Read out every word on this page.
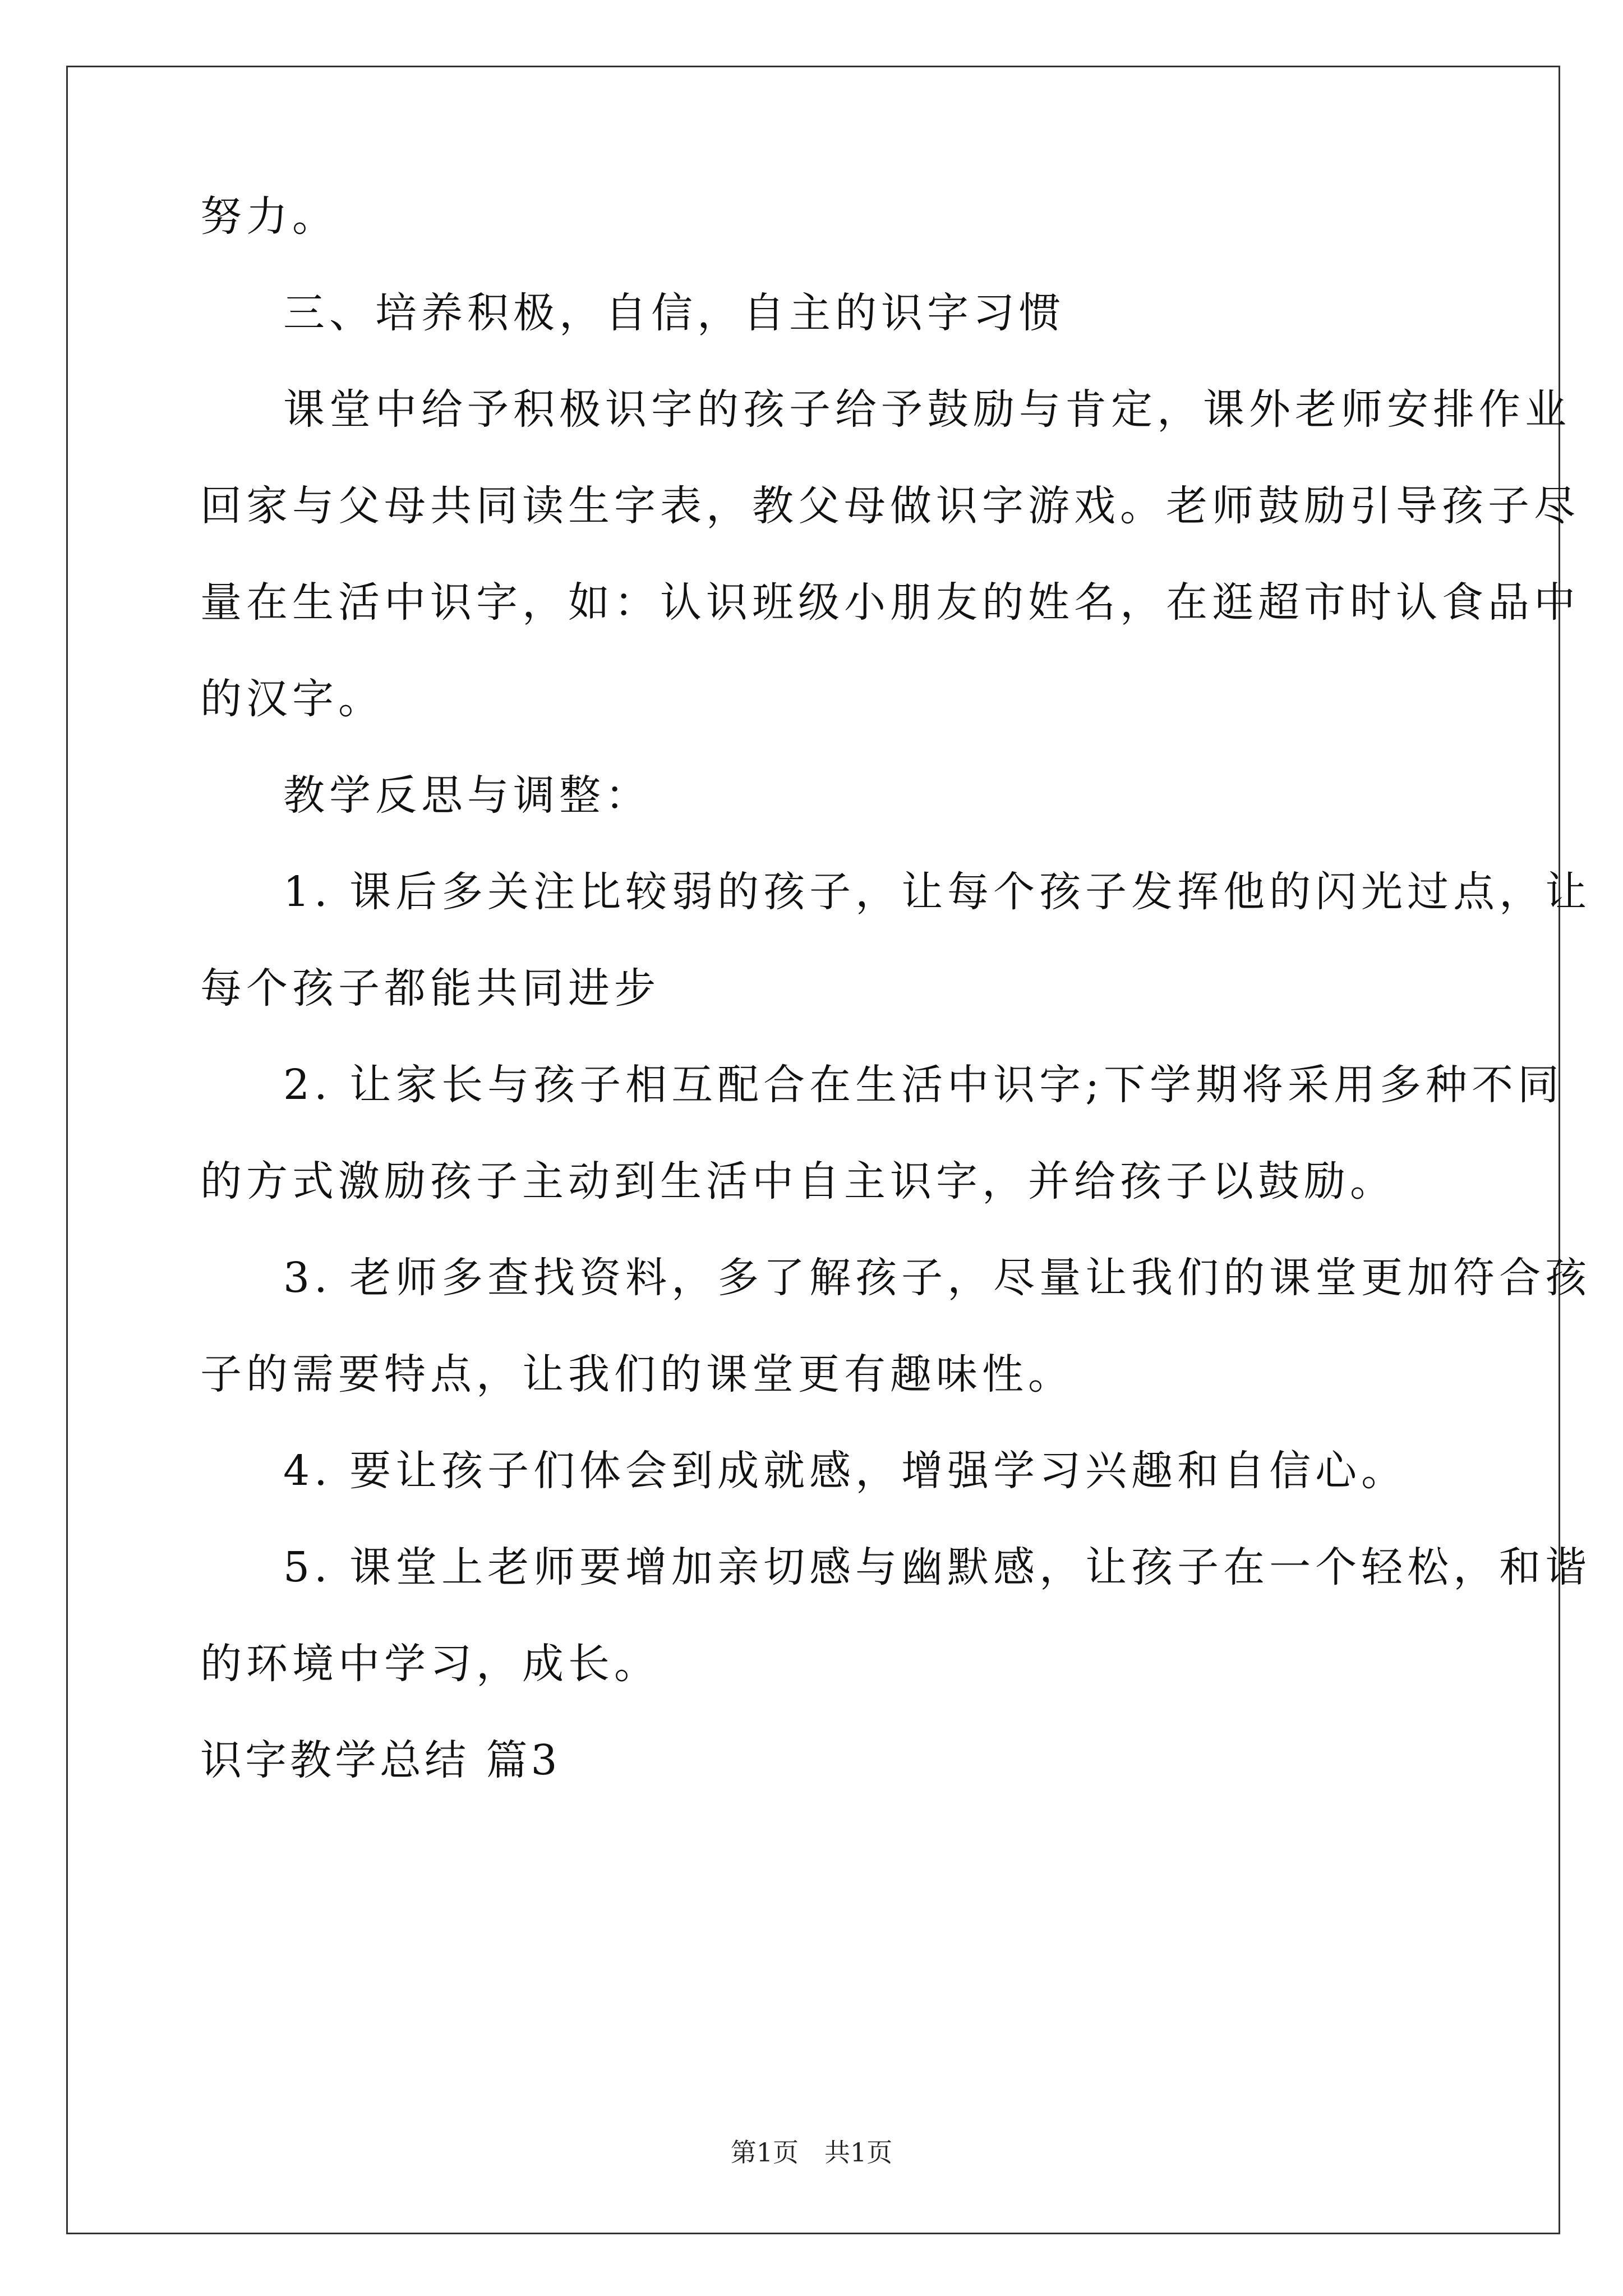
努力。

三、培养积极，自信，自主的识字习惯

课堂中给予积极识字的孩子给予鼓励与肯定，课外老师安排作业

回家与父母共同读生字表，教父母做识字游戏。老师鼓励引导孩子尽

量在生活中识字，如：认识班级小朋友的姓名，在逛超市时认食品中

的汉字。

教学反思与调整：

1. 课后多关注比较弱的孩子，让每个孩子发挥他的闪光过点，让

每个孩子都能共同进步

2. 让家长与孩子相互配合在生活中识字;下学期将采用多种不同

的方式激励孩子主动到生活中自主识字，并给孩子以鼓励。

3. 老师多查找资料，多了解孩子，尽量让我们的课堂更加符合孩

子的需要特点，让我们的课堂更有趣味性。

4. 要让孩子们体会到成就感，增强学习兴趣和自信心。

5. 课堂上老师要增加亲切感与幽默感，让孩子在一个轻松，和谐

的环境中学习，成长。

识字教学总结 篇3

第1页 共1页
